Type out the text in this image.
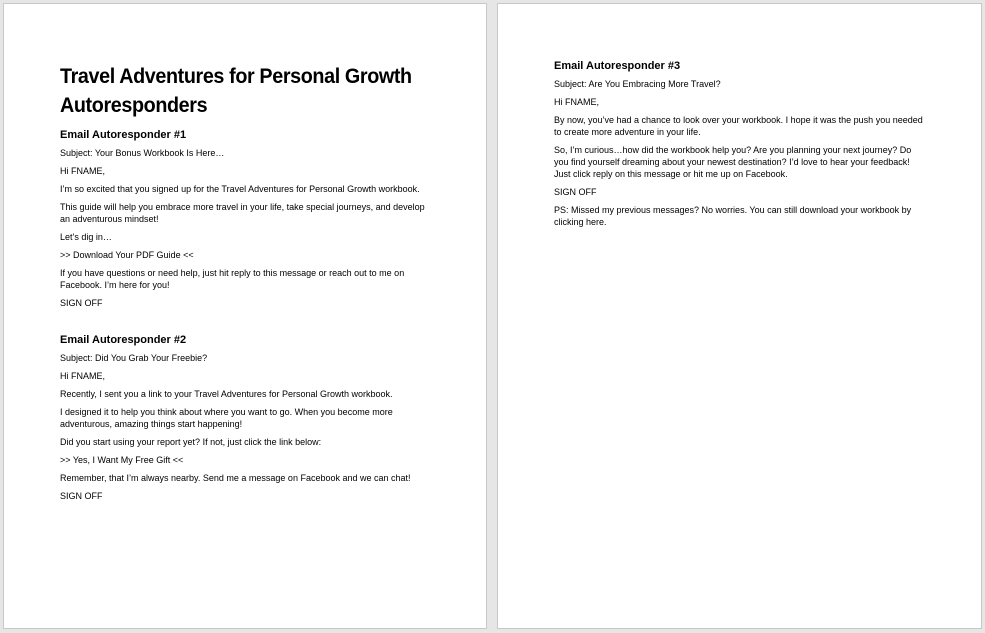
Travel Adventures for Personal Growth Autoresponders
Email Autoresponder #1

Subject: Your Bonus Workbook Is Here…

Hi FNAME,

I’m so excited that you signed up for the Travel Adventures for Personal Growth workbook.

This guide will help you embrace more travel in your life, take special journeys, and develop an adventurous mindset!

Let’s dig in…

>> Download Your PDF Guide <<

If you have questions or need help, just hit reply to this message or reach out to me on Facebook. I’m here for you!

SIGN OFF

Email Autoresponder #2

Subject: Did You Grab Your Freebie?

Hi FNAME,

Recently, I sent you a link to your Travel Adventures for Personal Growth workbook.

I designed it to help you think about where you want to go. When you become more adventurous, amazing things start happening!

Did you start using your report yet? If not, just click the link below:

>> Yes, I Want My Free Gift <<

Remember, that I’m always nearby. Send me a message on Facebook and we can chat!

SIGN OFF

Email Autoresponder #3

Subject: Are You Embracing More Travel?

Hi FNAME,

By now, you’ve had a chance to look over your workbook. I hope it was the push you needed to create more adventure in your life.

So, I’m curious…how did the workbook help you? Are you planning your next journey? Do you find yourself dreaming about your newest destination? I’d love to hear your feedback! Just click reply on this message or hit me up on Facebook.

SIGN OFF

PS: Missed my previous messages? No worries. You can still download your workbook by clicking here.
